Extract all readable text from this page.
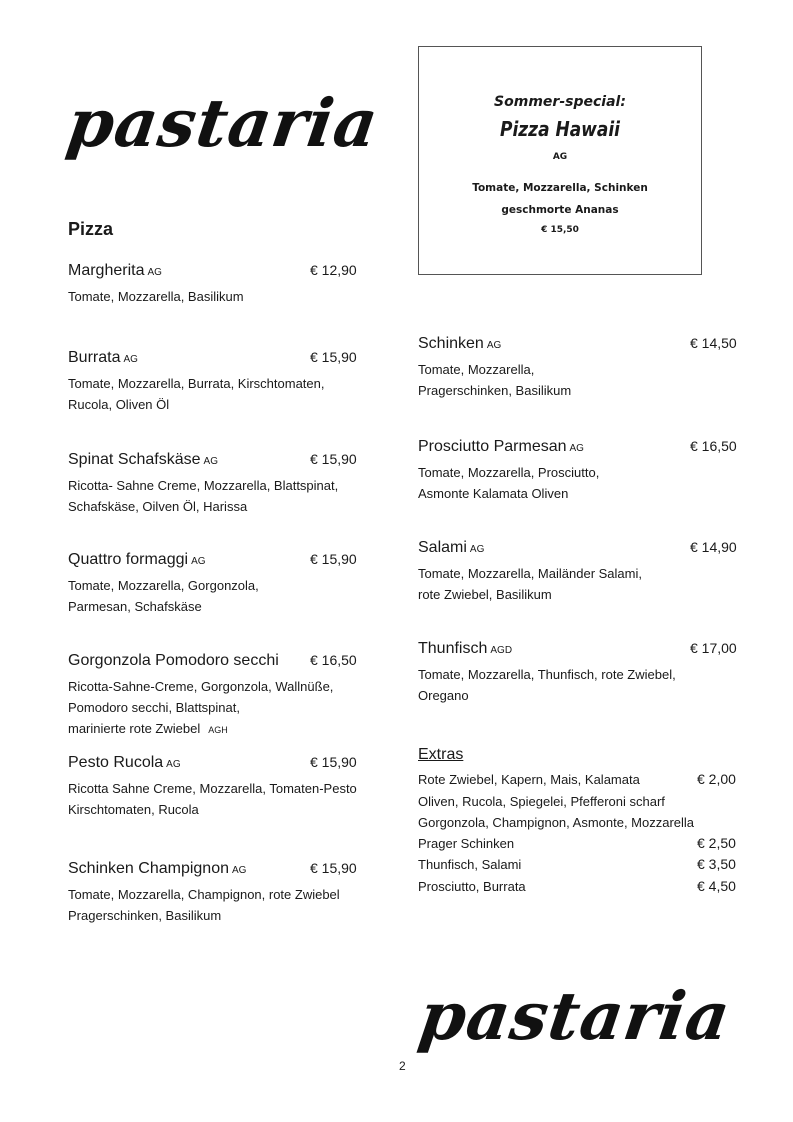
pastaria	Sommer-special:
Pizza Hawaii
AG
Tomate, Mozzarella, Schinken
geschmorte Ananas
€ 15,50
Pizza
Margherita AG	€ 12,90
Tomate, Mozzarella, Basilikum
Burrata AG	€ 15,90
Tomate, Mozzarella, Burrata, Kirschtomaten,
Rucola, Oliven Öl
Spinat Schafskäse AG	€ 15,90
Ricotta- Sahne Creme, Mozzarella, Blattspinat,
Schafskäse, Oilven Öl, Harissa
Quattro formaggi AG	€ 15,90
Tomate, Mozzarella, Gorgonzola,
Parmesan, Schafskäse
Gorgonzola Pomodoro secchi € 16,50
Ricotta-Sahne-Creme, Gorgonzola, Wallnüße,
Pomodoro secchi, Blattspinat,
marinierte rote Zwiebel AGH
Pesto Rucola AG	€ 15,90
Ricotta Sahne Creme, Mozzarella, Tomaten-Pesto
Kirschtomaten, Rucola
Schinken Champignon AG	€ 15,90
Tomate, Mozzarella, Champignon, rote Zwiebel
Pragerschinken, Basilikum
Schinken AG	€ 14,50
Tomate, Mozzarella,
Pragerschinken, Basilikum
Prosciutto Parmesan AG	€ 16,50
Tomate, Mozzarella, Prosciutto,
Asmonte Kalamata Oliven
Salami AG	€ 14,90
Tomate, Mozzarella, Mailänder Salami,
rote Zwiebel, Basilikum
Thunfisch AGD	€ 17,00
Tomate, Mozzarella, Thunfisch, rote Zwiebel,
Oregano
Extras
Rote Zwiebel, Kapern, Mais, Kalamata	€ 2,00
Oliven, Rucola, Spiegelei, Pfefferoni scharf
Gorgonzola, Champignon, Asmonte, Mozzarella
Prager Schinken	€ 2,50
Thunfisch, Salami	€ 3,50
Prosciutto, Burrata	€ 4,50
pastaria
2
